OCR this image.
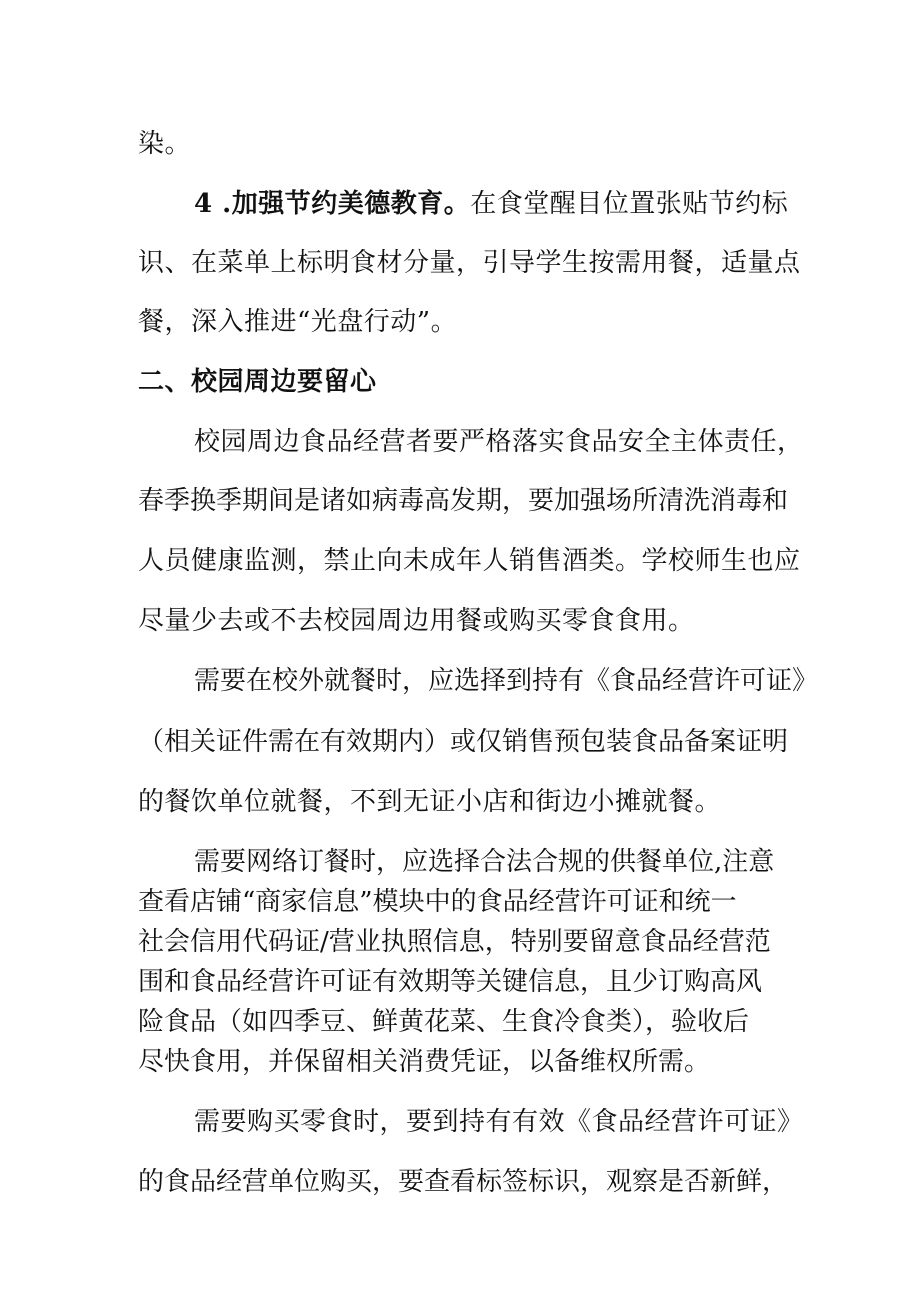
染。
4 .加强节约美德教育。在食堂醒目位置张贴节约标
识、在菜单上标明食材分量，引导学生按需用餐，适量点
餐，深入推进“光盘行动”。
二、校园周边要留心
校园周边食品经营者要严格落实食品安全主体责任，
春季换季期间是诸如病毒高发期，要加强场所清洗消毒和
人员健康监测，禁止向未成年人销售酒类。学校师生也应
尽量少去或不去校园周边用餐或购买零食食用。
需要在校外就餐时，应选择到持有《食品经营许可证》
（相关证件需在有效期内）或仅销售预包装食品备案证明
的餐饮单位就餐，不到无证小店和街边小摊就餐。
需要网络订餐时，应选择合法合规的供餐单位,注意
查看店铺“商家信息”模块中的食品经营许可证和统一
社会信用代码证/营业执照信息，特别要留意食品经营范
围和食品经营许可证有效期等关键信息，且少订购高风
险食品（如四季豆、鲜黄花菜、生食冷食类），验收后
尽快食用，并保留相关消费凭证，以备维权所需。
需要购买零食时，要到持有有效《食品经营许可证》
的食品经营单位购买，要查看标签标识，观察是否新鲜，
